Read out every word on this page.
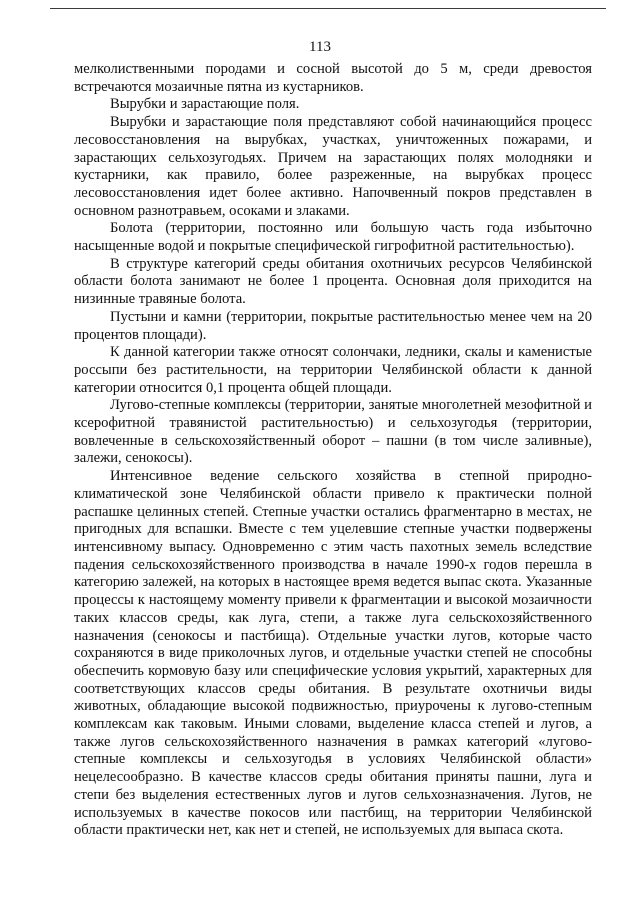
113

мелколиственными породами и сосной высотой до 5 м, среди древостоя встречаются мозаичные пятна из кустарников.

Вырубки и зарастающие поля.

Вырубки и зарастающие поля представляют собой начинающийся процесс лесовосстановления на вырубках, участках, уничтоженных пожарами, и зарастающих сельхозугодьях. Причем на зарастающих полях молодняки и кустарники, как правило, более разреженные, на вырубках процесс лесовосстановления идет более активно. Напочвенный покров представлен в основном разнотравьем, осоками и злаками.

Болота (территории, постоянно или большую часть года избыточно насыщенные водой и покрытые специфической гигрофитной растительностью).

В структуре категорий среды обитания охотничьих ресурсов Челябинской области болота занимают не более 1 процента. Основная доля приходится на низинные травяные болота.

Пустыни и камни (территории, покрытые растительностью менее чем на 20 процентов площади).

К данной категории также относят солончаки, ледники, скалы и каменистые россыпи без растительности, на территории Челябинской области к данной категории относится 0,1 процента общей площади.

Лугово-степные комплексы (территории, занятые многолетней мезофитной и ксерофитной травянистой растительностью) и сельхозугодья (территории, вовлеченные в сельскохозяйственный оборот – пашни (в том числе заливные), залежи, сенокосы).

Интенсивное ведение сельского хозяйства в степной природно-климатической зоне Челябинской области привело к практически полной распашке целинных степей. Степные участки остались фрагментарно в местах, не пригодных для вспашки. Вместе с тем уцелевшие степные участки подвержены интенсивному выпасу. Одновременно с этим часть пахотных земель вследствие падения сельскохозяйственного производства в начале 1990-х годов перешла в категорию залежей, на которых в настоящее время ведется выпас скота. Указанные процессы к настоящему моменту привели к фрагментации и высокой мозаичности таких классов среды, как луга, степи, а также луга сельскохозяйственного назначения (сенокосы и пастбища). Отдельные участки лугов, которые часто сохраняются в виде приколочных лугов, и отдельные участки степей не способны обеспечить кормовую базу или специфические условия укрытий, характерных для соответствующих классов среды обитания. В результате охотничьи виды животных, обладающие высокой подвижностью, приурочены к лугово-степным комплексам как таковым. Иными словами, выделение класса степей и лугов, а также лугов сельскохозяйственного назначения в рамках категорий «лугово-степные комплексы и сельхозугодья в условиях Челябинской области» нецелесообразно. В качестве классов среды обитания приняты пашни, луга и степи без выделения естественных лугов и лугов сельхозназначения. Лугов, не используемых в качестве покосов или пастбищ, на территории Челябинской области практически нет, как нет и степей, не используемых для выпаса скота.
